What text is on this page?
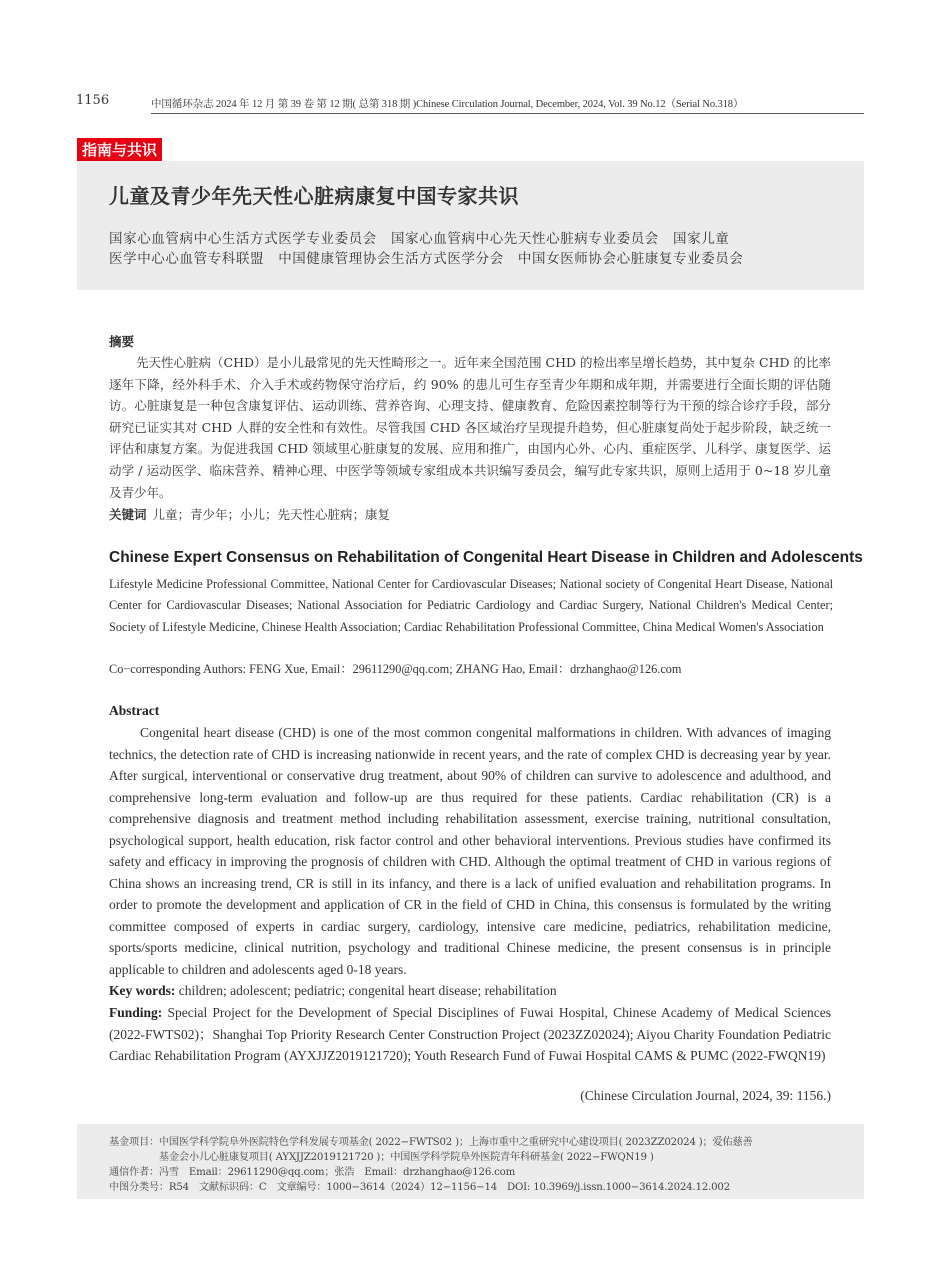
1156	中国循环杂志 2024 年 12 月 第 39 卷 第 12 期( 总第 318 期 )Chinese Circulation Journal, December, 2024, Vol. 39 No.12（Serial No.318）
指南与共识
儿童及青少年先天性心脏病康复中国专家共识
国家心血管病中心生活方式医学专业委员会　国家心血管病中心先天性心脏病专业委员会　国家儿童
医学中心心血管专科联盟　中国健康管理协会生活方式医学分会　中国女医师协会心脏康复专业委员会
摘要
先天性心脏病（CHD）是小儿最常见的先天性畸形之一。近年来全国范围 CHD 的检出率呈增长趋势，其中复杂 CHD 的比率逐年下降，经外科手术、介入手术或药物保守治疗后，约 90% 的患儿可生存至青少年期和成年期，并需要进行全面长期的评估随访。心脏康复是一种包含康复评估、运动训练、营养咨询、心理支持、健康教育、危险因素控制等行为干预的综合诊疗手段，部分研究已证实其对 CHD 人群的安全性和有效性。尽管我国 CHD 各区域治疗呈现提升趋势，但心脏康复尚处于起步阶段，缺乏统一评估和康复方案。为促进我国 CHD 领域里心脏康复的发展、应用和推广，由国内心外、心内、重症医学、儿科学、康复医学、运动学 / 运动医学、临床营养、精神心理、中医学等领域专家组成本共识编写委员会，编写此专家共识，原则上适用于 0~18 岁儿童及青少年。
关键词 儿童；青少年；小儿；先天性心脏病；康复
Chinese Expert Consensus on Rehabilitation of Congenital Heart Disease in Children and Adolescents
Lifestyle Medicine Professional Committee, National Center for Cardiovascular Diseases; National society of Congenital Heart Disease, National Center for Cardiovascular Diseases; National Association for Pediatric Cardiology and Cardiac Surgery, National Children's Medical Center; Society of Lifestyle Medicine, Chinese Health Association; Cardiac Rehabilitation Professional Committee, China Medical Women's Association
Co−corresponding Authors: FENG Xue, Email：29611290@qq.com; ZHANG Hao, Email：drzhanghao@126.com
Abstract
Congenital heart disease (CHD) is one of the most common congenital malformations in children. With advances of imaging technics, the detection rate of CHD is increasing nationwide in recent years, and the rate of complex CHD is decreasing year by year. After surgical, interventional or conservative drug treatment, about 90% of children can survive to adolescence and adulthood, and comprehensive long-term evaluation and follow-up are thus required for these patients. Cardiac rehabilitation (CR) is a comprehensive diagnosis and treatment method including rehabilitation assessment, exercise training, nutritional consultation, psychological support, health education, risk factor control and other behavioral interventions. Previous studies have confirmed its safety and efficacy in improving the prognosis of children with CHD. Although the optimal treatment of CHD in various regions of China shows an increasing trend, CR is still in its infancy, and there is a lack of unified evaluation and rehabilitation programs. In order to promote the development and application of CR in the field of CHD in China, this consensus is formulated by the writing committee composed of experts in cardiac surgery, cardiology, intensive care medicine, pediatrics, rehabilitation medicine, sports/sports medicine, clinical nutrition, psychology and traditional Chinese medicine, the present consensus is in principle applicable to children and adolescents aged 0-18 years.
Key words: children; adolescent; pediatric; congenital heart disease; rehabilitation
Funding: Special Project for the Development of Special Disciplines of Fuwai Hospital, Chinese Academy of Medical Sciences (2022-FWTS02)；Shanghai Top Priority Research Center Construction Project (2023ZZ02024); Aiyou Charity Foundation Pediatric Cardiac Rehabilitation Program (AYXJJZ2019121720); Youth Research Fund of Fuwai Hospital CAMS & PUMC (2022-FWQN19)
(Chinese Circulation Journal, 2024, 39: 1156.)
基金项目：中国医学科学院阜外医院特色学科发展专项基金( 2022−FWTS02 )；上海市重中之重研究中心建设项目( 2023ZZ02024 )；爱佑慈善
　　　　　基金会小儿心脏康复项目( AYXJJZ2019121720 )；中国医学科学院阜外医院青年科研基金( 2022−FWQN19 )
通信作者：冯雪　Email：29611290@qq.com；张浩　Email：drzhanghao@126.com
中图分类号：R54　文献标识码：C　文章编号：1000−3614（2024）12−1156−14　DOI: 10.3969/j.issn.1000−3614.2024.12.002
